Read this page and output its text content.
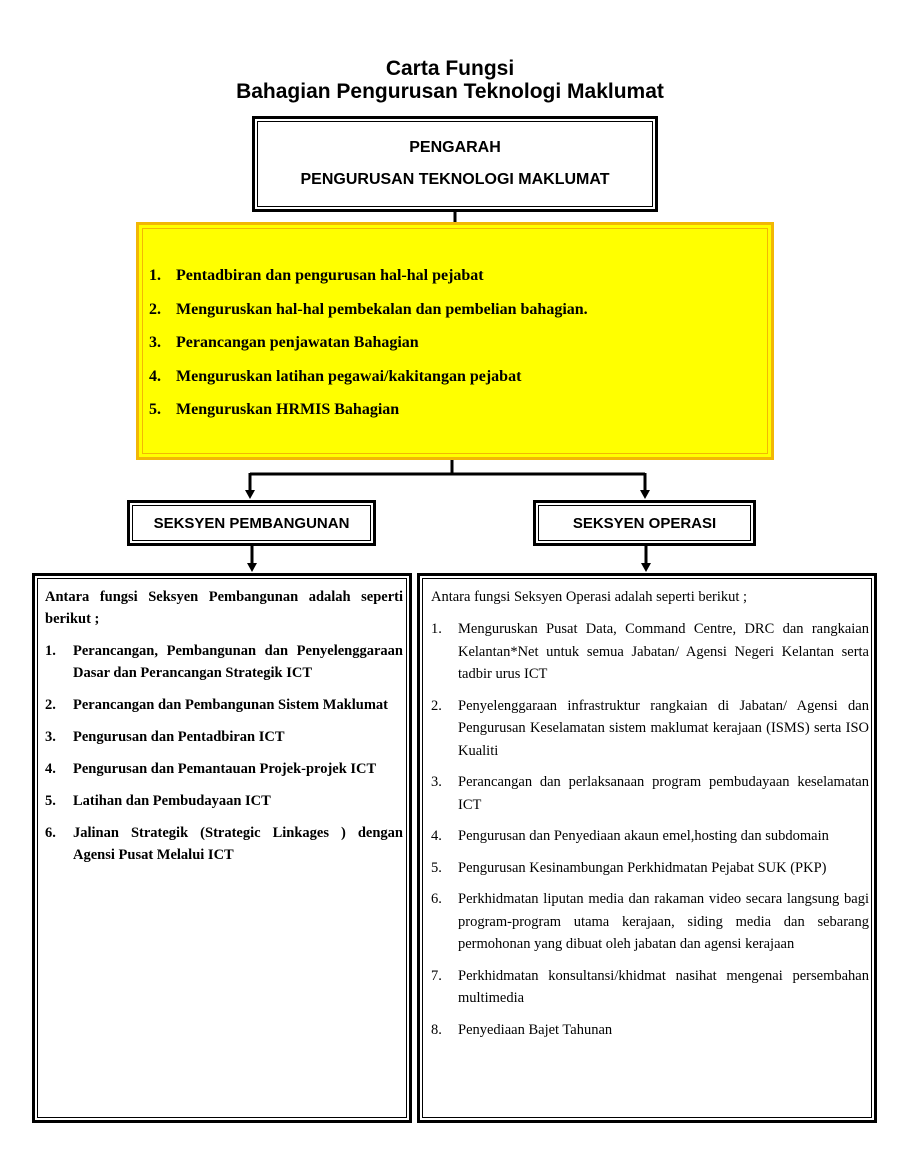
Carta Fungsi
Bahagian Pengurusan Teknologi Maklumat
PENGARAH
PENGURUSAN TEKNOLOGI MAKLUMAT
1. Pentadbiran dan pengurusan hal-hal pejabat
2. Menguruskan hal-hal pembekalan dan pembelian bahagian.
3. Perancangan penjawatan Bahagian
4. Menguruskan latihan pegawai/kakitangan pejabat
5. Menguruskan HRMIS Bahagian
SEKSYEN PEMBANGUNAN	SEKSYEN OPERASI
Antara fungsi Seksyen Pembangunan adalah seperti berikut ;
1.	Perancangan, Pembangunan dan Penyelenggaraan Dasar dan Perancangan Strategik ICT
2.	Perancangan dan Pembangunan Sistem Maklumat
3.	Pengurusan dan Pentadbiran ICT
4.	Pengurusan dan Pemantauan Projek-projek ICT
5.	Latihan dan Pembudayaan ICT
6.	Jalinan Strategik (Strategic Linkages ) dengan Agensi Pusat Melalui ICT
Antara fungsi Seksyen Operasi adalah seperti berikut ;
1.	Menguruskan Pusat Data, Command Centre, DRC dan rangkaian Kelantan*Net untuk semua Jabatan/ Agensi Negeri Kelantan serta tadbir urus ICT
2.	Penyelenggaraan infrastruktur rangkaian di Jabatan/ Agensi dan Pengurusan Keselamatan sistem maklumat kerajaan (ISMS) serta ISO Kualiti
3.	Perancangan dan perlaksanaan program pembudayaan keselamatan ICT
4.	Pengurusan dan Penyediaan akaun emel,hosting dan subdomain
5.	Pengurusan Kesinambungan Perkhidmatan Pejabat SUK (PKP)
6.	Perkhidmatan liputan media dan rakaman video secara langsung bagi program-program utama kerajaan, siding media dan sebarang permohonan yang dibuat oleh jabatan dan agensi kerajaan
7.	Perkhidmatan konsultansi/khidmat nasihat mengenai persembahan multimedia
8.	Penyediaan Bajet Tahunan
